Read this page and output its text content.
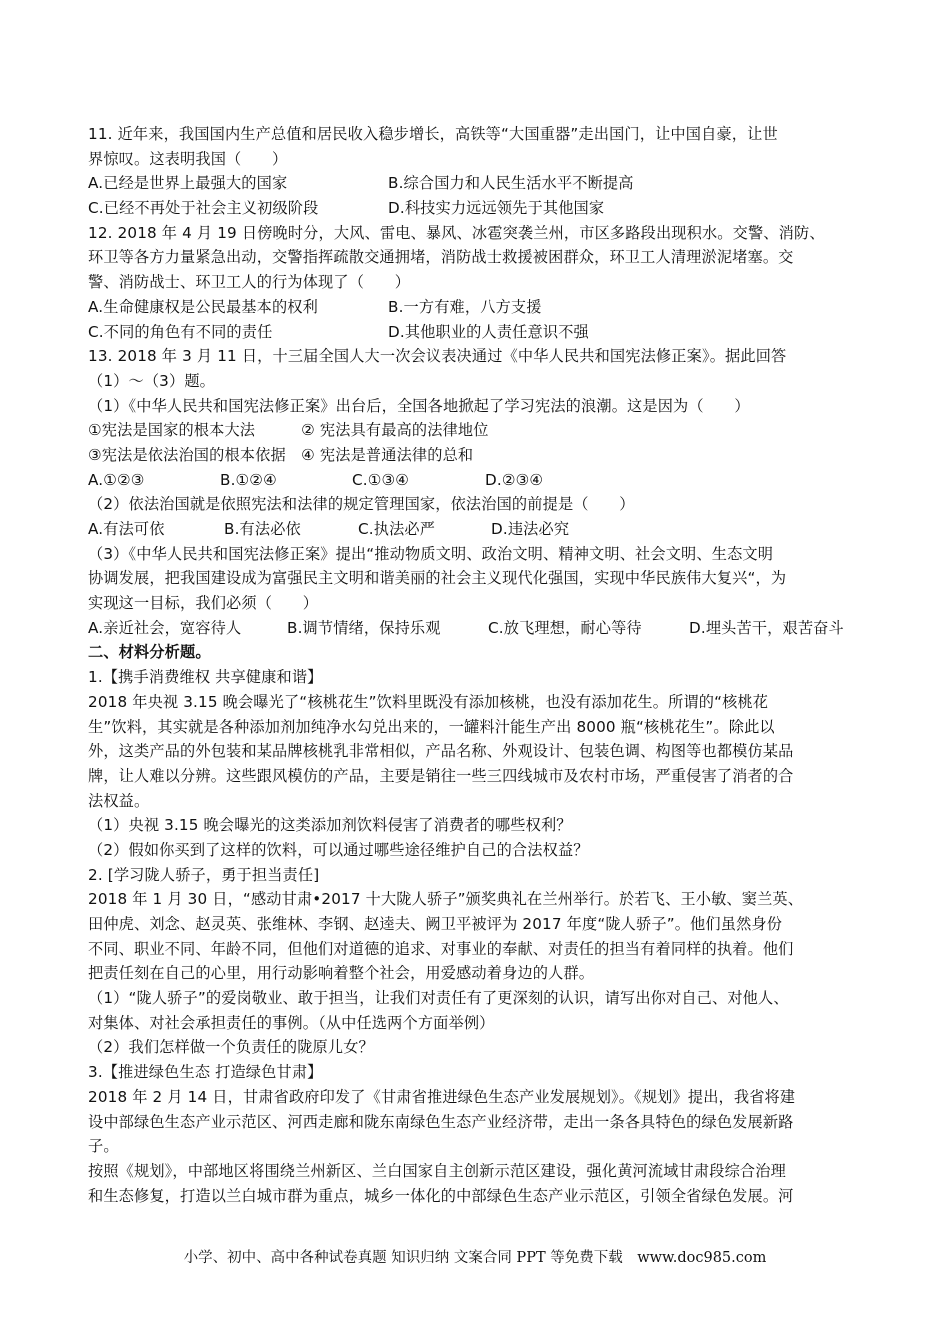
11. 近年来，我国国内生产总值和居民收入稳步增长，高铁等“大国重器”走出国门，让中国自豪，让世
界惊叹。这表明我国（　　）
A.已经是世界上最强大的国家	B.综合国力和人民生活水平不断提高
C.已经不再处于社会主义初级阶段	D.科技实力远远领先于其他国家
12. 2018 年 4 月 19 日傍晚时分，大风、雷电、暴风、冰雹突袭兰州，市区多路段出现积水。交警、消防、
环卫等各方力量紧急出动，交警指挥疏散交通拥堵，消防战士救援被困群众，环卫工人清理淤泥堵塞。交
警、消防战士、环卫工人的行为体现了（　　）
A.生命健康权是公民最基本的权利	B.一方有难，八方支援
C.不同的角色有不同的责任	D.其他职业的人责任意识不强
13. 2018 年 3 月 11 日，十三届全国人大一次会议表决通过《中华人民共和国宪法修正案》。据此回答
（1）～（3）题。
（1）《中华人民共和国宪法修正案》出台后，全国各地掀起了学习宪法的浪潮。这是因为（　　）
①宪法是国家的根本大法　　　② 宪法具有最高的法律地位
③宪法是依法治国的根本依据　④ 宪法是普通法律的总和
A.①②③	B.①②④	C.①③④	D.②③④
（2）依法治国就是依照宪法和法律的规定管理国家，依法治国的前提是（　　）
A.有法可依	B.有法必依	C.执法必严	D.违法必究
（3）《中华人民共和国宪法修正案》提出“推动物质文明、政治文明、精神文明、社会文明、生态文明
协调发展，把我国建设成为富强民主文明和谐美丽的社会主义现代化强国，实现中华民族伟大复兴“，为
实现这一目标，我们必须（　　）
A.亲近社会，宽容待人	B.调节情绪，保持乐观	C.放飞理想，耐心等待	D.埋头苦干，艰苦奋斗
二、材料分析题。
1.【携手消费维权 共享健康和谐】
2018 年央视 3.15 晚会曝光了“核桃花生”饮料里既没有添加核桃，也没有添加花生。所谓的“核桃花
生”饮料，其实就是各种添加剂加纯净水勾兑出来的，一罐料汁能生产出 8000 瓶“核桃花生”。除此以
外，这类产品的外包装和某品牌核桃乳非常相似，产品名称、外观设计、包装色调、构图等也都模仿某品
牌，让人难以分辨。这些跟风模仿的产品，主要是销往一些三四线城市及农村市场，严重侵害了消者的合
法权益。
（1）央视 3.15 晚会曝光的这类添加剂饮料侵害了消费者的哪些权利？
（2）假如你买到了这样的饮料，可以通过哪些途径维护自己的合法权益？
2. [学习陇人骄子，勇于担当责任]
2018 年 1 月 30 日，“感动甘肃•2017 十大陇人骄子”颁奖典礼在兰州举行。於若飞、王小敏、窦兰英、
田仲虎、刘念、赵灵英、张维林、李钢、赵逵夫、阙卫平被评为 2017 年度“陇人骄子”。他们虽然身份
不同、职业不同、年龄不同，但他们对道德的追求、对事业的奉献、对责任的担当有着同样的执着。他们
把责任刻在自己的心里，用行动影响着整个社会，用爱感动着身边的人群。
（1）“陇人骄子”的爱岗敬业、敢于担当，让我们对责任有了更深刻的认识，请写出你对自己、对他人、
对集体、对社会承担责任的事例。（从中任选两个方面举例）
（2）我们怎样做一个负责任的陇原儿女？
3.【推进绿色生态 打造绿色甘肃】
2018 年 2 月 14 日，甘肃省政府印发了《甘肃省推进绿色生态产业发展规划》。《规划》提出，我省将建
设中部绿色生态产业示范区、河西走廊和陇东南绿色生态产业经济带，走出一条各具特色的绿色发展新路
子。
按照《规划》，中部地区将围绕兰州新区、兰白国家自主创新示范区建设，强化黄河流域甘肃段综合治理
和生态修复，打造以兰白城市群为重点，城乡一体化的中部绿色生态产业示范区，引领全省绿色发展。河
小学、初中、高中各种试卷真题 知识归纳 文案合同 PPT 等免费下载　www.doc985.com
